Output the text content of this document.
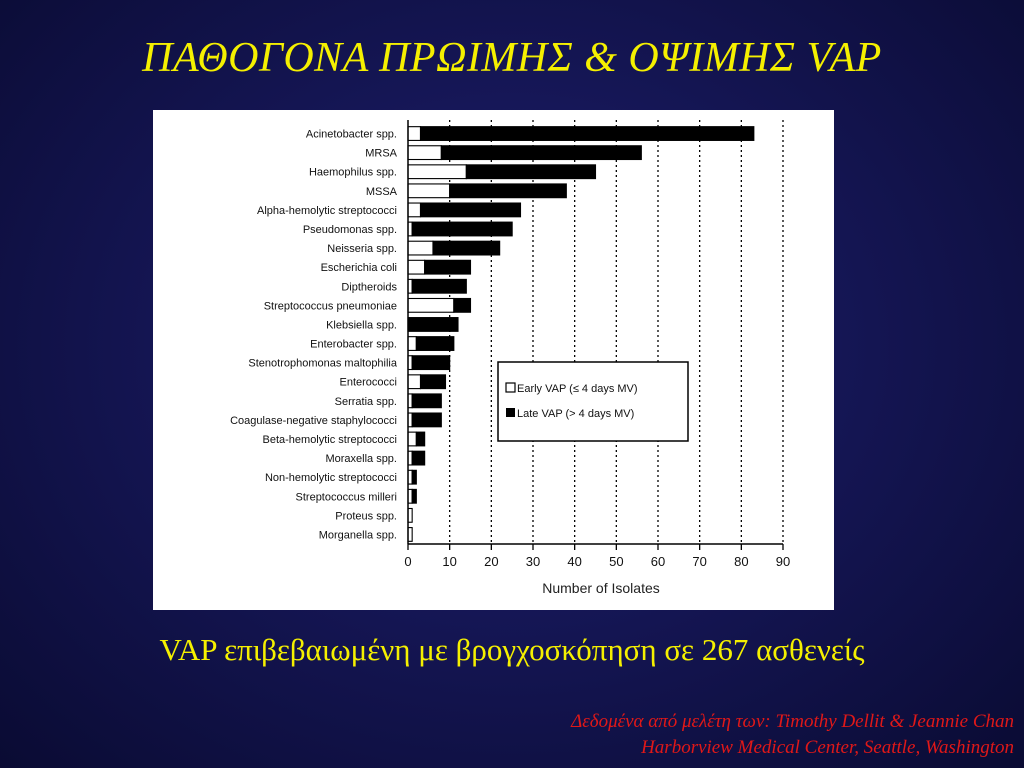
ΠΑΘΟΓΟΝΑ ΠΡΩΙΜΗΣ & ΟΨΙΜΗΣ VAP
Acinetobacter spp.
MRSA
Haemophilus spp.
MSSA
Alpha-hemolytic streptococci
Pseudomonas spp.
Neisseria spp.
Escherichia coli
Diptheroids
Streptococcus pneumoniae
Klebsiella spp.
Enterobacter spp.
Stenotrophomonas maltophilia
Enterococci
Serratia spp.
Coagulase-negative staphylococci
Beta-hemolytic streptococci
Moraxella spp.
Non-hemolytic streptococci
Streptococcus milleri
Proteus spp.
Morganella spp.
0 10 20 30 40 50 60 70 80 90
Number of Isolates
Early VAP (≤ 4 days MV)
Late VAP (> 4 days MV)
VAP επιβεβαιωμένη με βρογχοσκόπηση σε 267 ασθενείς
Δεδομένα από μελέτη των: Timothy Dellit & Jeannie Chan
Harborview Medical Center, Seattle, Washington
